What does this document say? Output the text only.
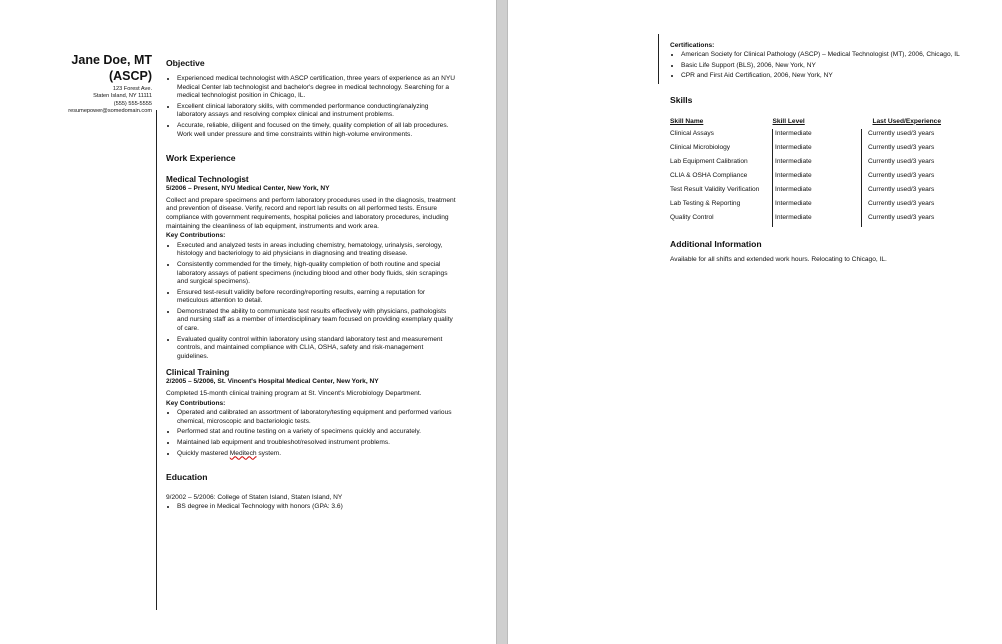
Jane Doe, MT
(ASCP)
123 Forest Ave.
Staten Island, NY 11111
(555) 555-5555
resumepower@somedomain.com
Objective
• Experienced medical technologist with ASCP certification, three years of experience as an NYU Medical Center lab technologist and bachelor's degree in medical technology. Searching for a medical technologist position in Chicago, IL.
• Excellent clinical laboratory skills, with commended performance conducting/analyzing laboratory assays and resolving complex clinical and instrument problems.
• Accurate, reliable, diligent and focused on the timely, quality completion of all lab procedures. Work well under pressure and time constraints within high-volume environments.
Work Experience
Medical Technologist

5/2006 – Present, NYU Medical Center, New York, NY

Collect and prepare specimens and perform laboratory procedures used in the diagnosis, treatment and prevention of disease. Verify, record and report lab results on all performed tests. Ensure compliance with government requirements, hospital policies and laboratory procedures, including maintaining the cleanliness of lab equipment, instruments and work area.

Key Contributions:

• Executed and analyzed tests in areas including chemistry, hematology, urinalysis, serology, histology and bacteriology to aid physicians in diagnosing and treating disease.
• Consistently commended for the timely, high-quality completion of both routine and special laboratory assays of patient specimens (including blood and other body fluids, skin scrapings and surgical specimens).
• Ensured test-result validity before recording/reporting results, earning a reputation for meticulous attention to detail.
• Demonstrated the ability to communicate test results effectively with physicians, pathologists and nursing staff as a member of interdisciplinary team focused on providing exemplary quality of care.
• Evaluated quality control within laboratory using standard laboratory test and measurement controls, and maintained compliance with CLIA, OSHA, safety and risk-management guidelines.
Clinical Training

2/2005 – 5/2006, St. Vincent's Hospital Medical Center, New York, NY

Completed 15-month clinical training program at St. Vincent's Microbiology Department.

Key Contributions:

• Operated and calibrated an assortment of laboratory/testing equipment and performed various chemical, microscopic and bacteriologic tests.
• Performed stat and routine testing on a variety of specimens quickly and accurately.
• Maintained lab equipment and troubleshot/resolved instrument problems.
• Quickly mastered Meditech system.
Education

9/2002 – 5/2006: College of Staten Island, Staten Island, NY

• BS degree in Medical Technology with honors (GPA: 3.6)
Certifications:
• American Society for Clinical Pathology (ASCP) – Medical Technologist (MT), 2006, Chicago, IL
• Basic Life Support (BLS), 2006, New York, NY
• CPR and First Aid Certification, 2006, New York, NY
Skills
Skill Name	Skill Level	Last Used/Experience
Clinical Assays	Intermediate	Currently used/3 years
Clinical Microbiology	Intermediate	Currently used/3 years
Lab Equipment Calibration	Intermediate	Currently used/3 years
CLIA & OSHA Compliance	Intermediate	Currently used/3 years
Test Result Validity Verification	Intermediate	Currently used/3 years
Lab Testing & Reporting	Intermediate	Currently used/3 years
Quality Control	Intermediate	Currently used/3 years
Additional Information

Available for all shifts and extended work hours. Relocating to Chicago, IL.
